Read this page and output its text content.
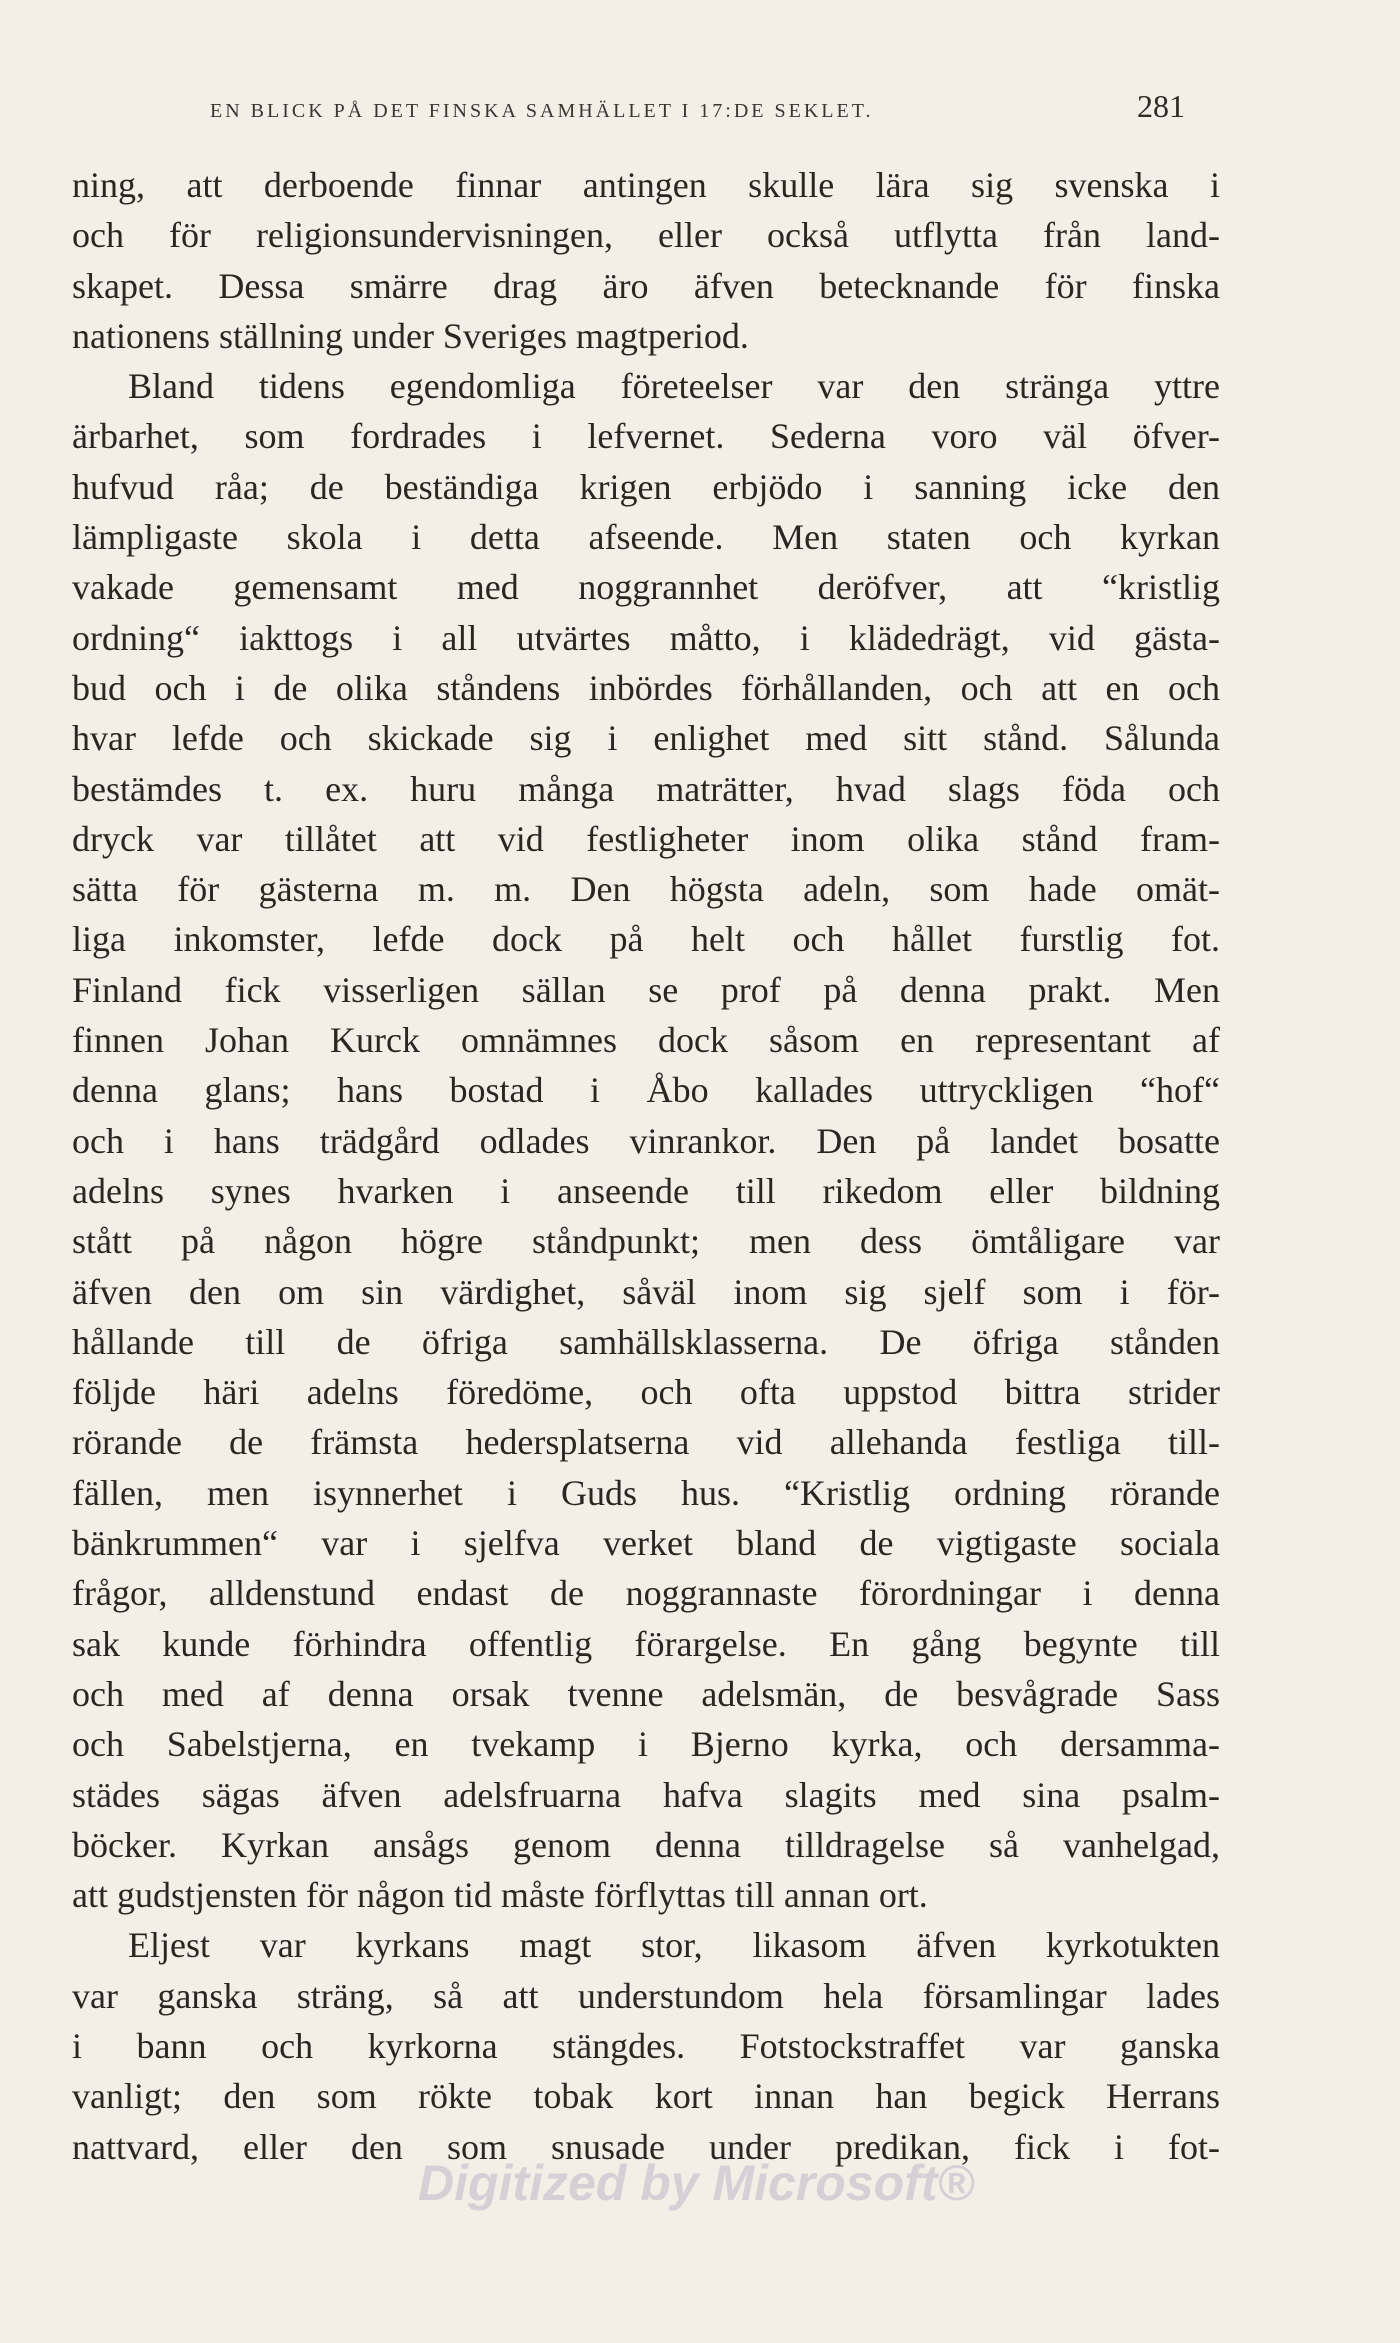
EN BLICK PÅ DET FINSKA SAMHÄLLET I 17:DE SEKLET.	281
ning, att derboende finnar antingen skulle lära sig svenska i
och för religionsundervisningen, eller också utflytta från land-
skapet. Dessa smärre drag äro äfven betecknande för finska
nationens ställning under Sveriges magtperiod.
Bland tidens egendomliga företeelser var den stränga yttre
ärbarhet, som fordrades i lefvernet. Sederna voro väl öfver-
hufvud råa; de beständiga krigen erbjödo i sanning icke den
lämpligaste skola i detta afseende. Men staten och kyrkan
vakade gemensamt med noggrannhet deröfver, att “kristlig
ordning“ iakttogs i all utvärtes måtto, i klädedrägt, vid gästa-
bud och i de olika ståndens inbördes förhållanden, och att en och
hvar lefde och skickade sig i enlighet med sitt stånd. Sålunda
bestämdes t. ex. huru många maträtter, hvad slags föda och
dryck var tillåtet att vid festligheter inom olika stånd fram-
sätta för gästerna m. m. Den högsta adeln, som hade omät-
liga inkomster, lefde dock på helt och hållet furstlig fot.
Finland fick visserligen sällan se prof på denna prakt. Men
finnen Johan Kurck omnämnes dock såsom en representant af
denna glans; hans bostad i Åbo kallades uttryckligen “hof“
och i hans trädgård odlades vinrankor. Den på landet bosatte
adelns synes hvarken i anseende till rikedom eller bildning
stått på någon högre ståndpunkt; men dess ömtåligare var
äfven den om sin värdighet, såväl inom sig sjelf som i för-
hållande till de öfriga samhällsklasserna. De öfriga stånden
följde häri adelns föredöme, och ofta uppstod bittra strider
rörande de främsta hedersplatserna vid allehanda festliga till-
fällen, men isynnerhet i Guds hus. “Kristlig ordning rörande
bänkrummen“ var i sjelfva verket bland de vigtigaste sociala
frågor, alldenstund endast de noggrannaste förordningar i denna
sak kunde förhindra offentlig förargelse. En gång begynte till
och med af denna orsak tvenne adelsmän, de besvågrade Sass
och Sabelstjerna, en tvekamp i Bjerno kyrka, och dersamma-
städes sägas äfven adelsfruarna hafva slagits med sina psalm-
böcker. Kyrkan ansågs genom denna tilldragelse så vanhelgad,
att gudstjensten för någon tid måste förflyttas till annan ort.
Eljest var kyrkans magt stor, likasom äfven kyrkotukten
var ganska sträng, så att understundom hela församlingar lades
i bann och kyrkorna stängdes. Fotstockstraffet var ganska
vanligt; den som rökte tobak kort innan han begick Herrans
nattvard, eller den som snusade under predikan, fick i fot-
Digitized by Microsoft®
